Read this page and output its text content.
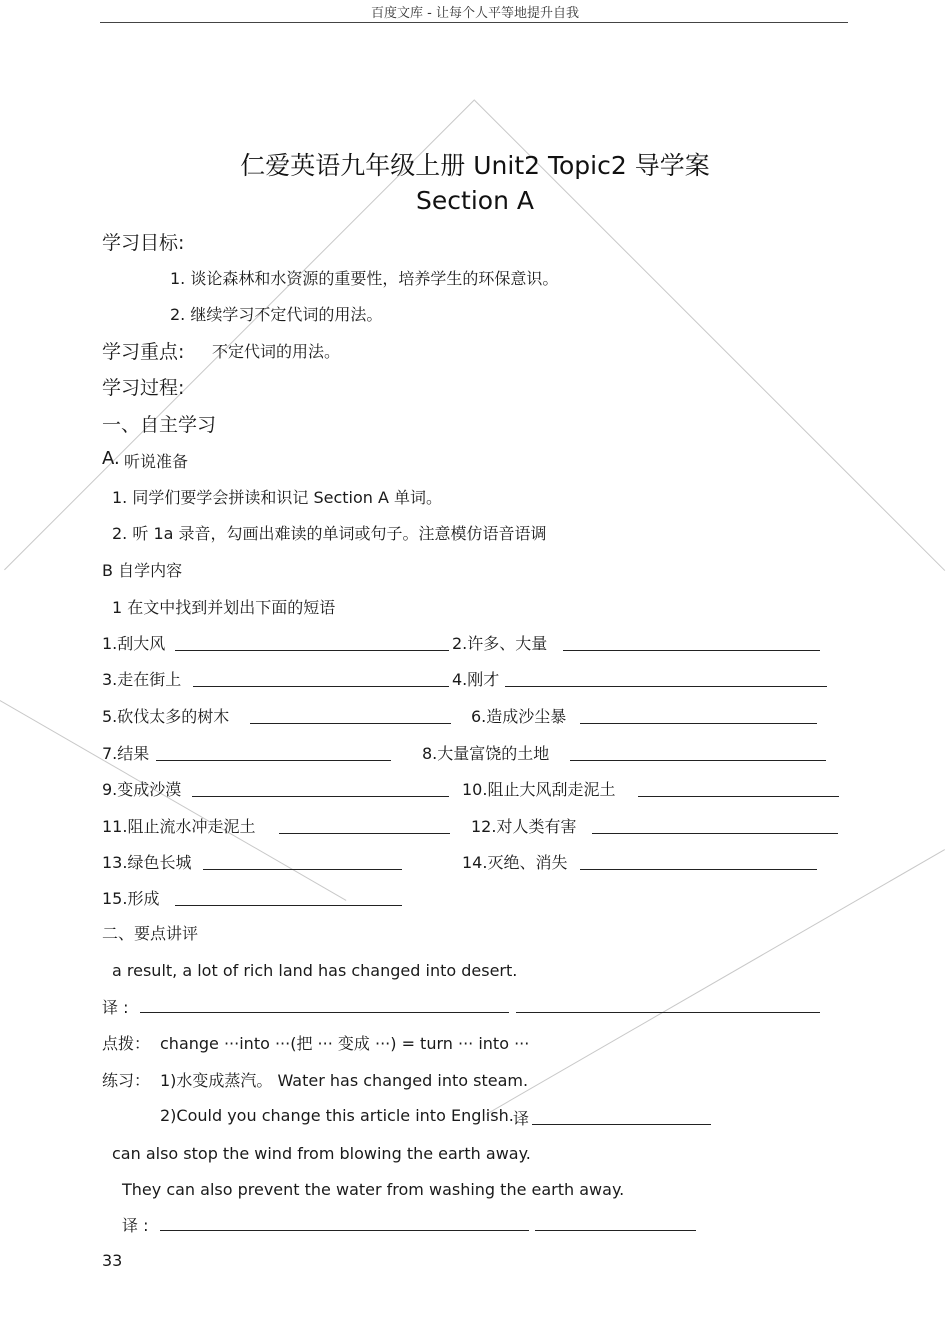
百度文库 - 让每个人平等地提升自我
仁爱英语九年级上册 Unit2 Topic2 导学案
Section A
学习目标:
1. 谈论森林和水资源的重要性，培养学生的环保意识。
2. 继续学习不定代词的用法。
学习重点: 不定代词的用法。
学习过程:
一、自主学习
A. 听说准备
1. 同学们要学会拼读和识记 Section A 单词。
2. 听 1a 录音，勾画出难读的单词或句子。注意模仿语音语调
B 自学内容
1 在文中找到并划出下面的短语
1.刮大风	2.许多、大量
3.走在街上	4.刚才
5.砍伐太多的树木	6.造成沙尘暴
7.结果	8.大量富饶的土地
9.变成沙漠	10.阻止大风刮走泥土
11.阻止流水冲走泥土	12.对人类有害
13.绿色长城	14.灭绝、消失
15.形成
二、要点讲评
a result, a lot of rich land has changed into desert.
译 :
点拨： change ···into ···(把 ··· 变成 ···) = turn ··· into ···
练习： 1)水变成蒸汽。 Water has changed into steam.
2)Could you change this article into English. 译
can also stop the wind from blowing the earth away.
They can also prevent the water from washing the earth away.
译 :
33
